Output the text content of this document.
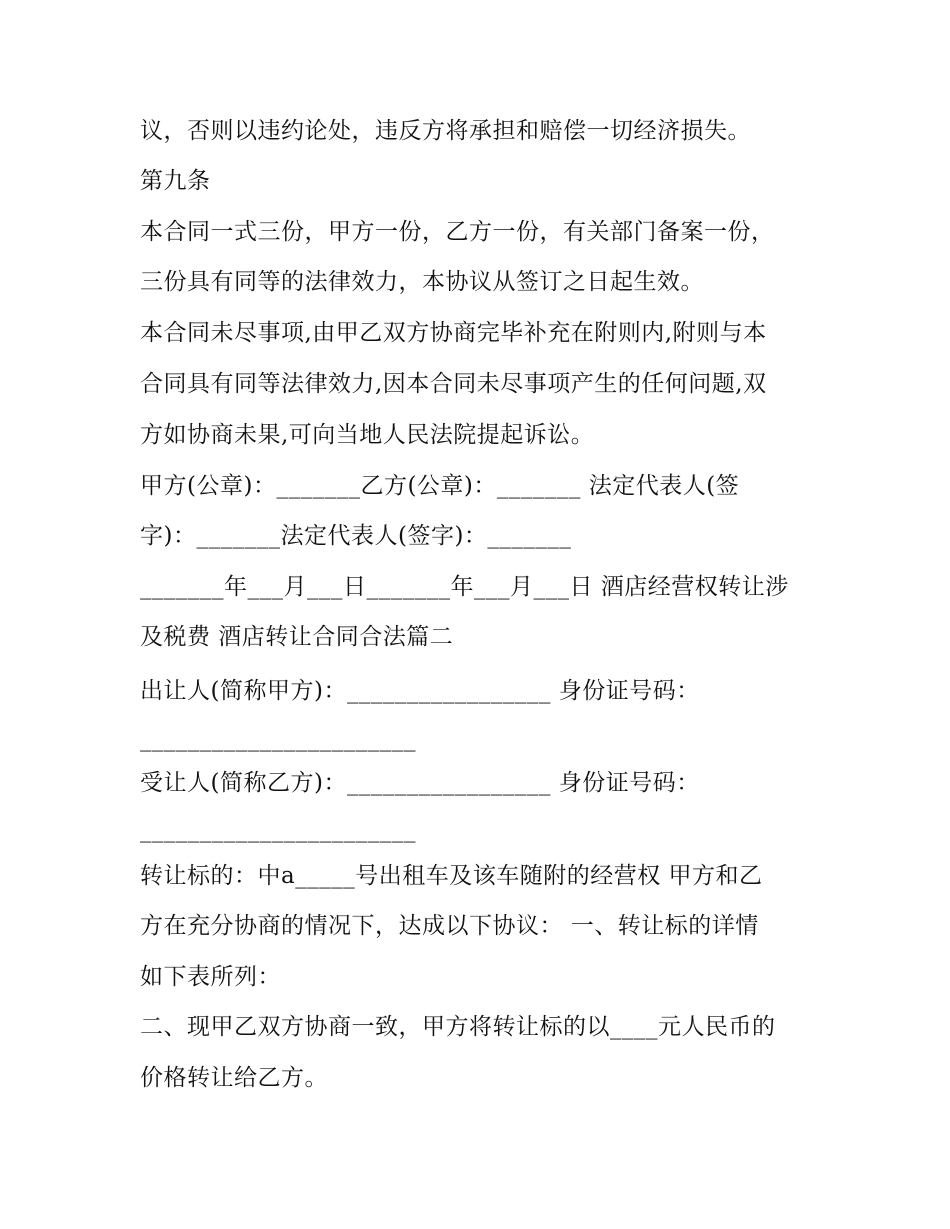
议，否则以违约论处，违反方将承担和赔偿一切经济损失。
第九条
本合同一式三份，甲方一份，乙方一份，有关部门备案一份，
三份具有同等的法律效力，本协议从签订之日起生效。
本合同未尽事项,由甲乙双方协商完毕补充在附则内,附则与本
合同具有同等法律效力,因本合同未尽事项产生的任何问题,双
方如协商未果,可向当地人民法院提起诉讼。
甲方(公章)：_______乙方(公章)：_______ 法定代表人(签
字)：_______法定代表人(签字)：_______
_______年___月___日_______年___月___日 酒店经营权转让涉
及税费 酒店转让合同合法篇二
出让人(简称甲方)：_________________ 身份证号码：
_______________________
受让人(简称乙方)：_________________ 身份证号码：
_______________________
转让标的：中a_____号出租车及该车随附的经营权 甲方和乙
方在充分协商的情况下，达成以下协议： 一、转让标的详情
如下表所列：
二、现甲乙双方协商一致，甲方将转让标的以____元人民币的
价格转让给乙方。
